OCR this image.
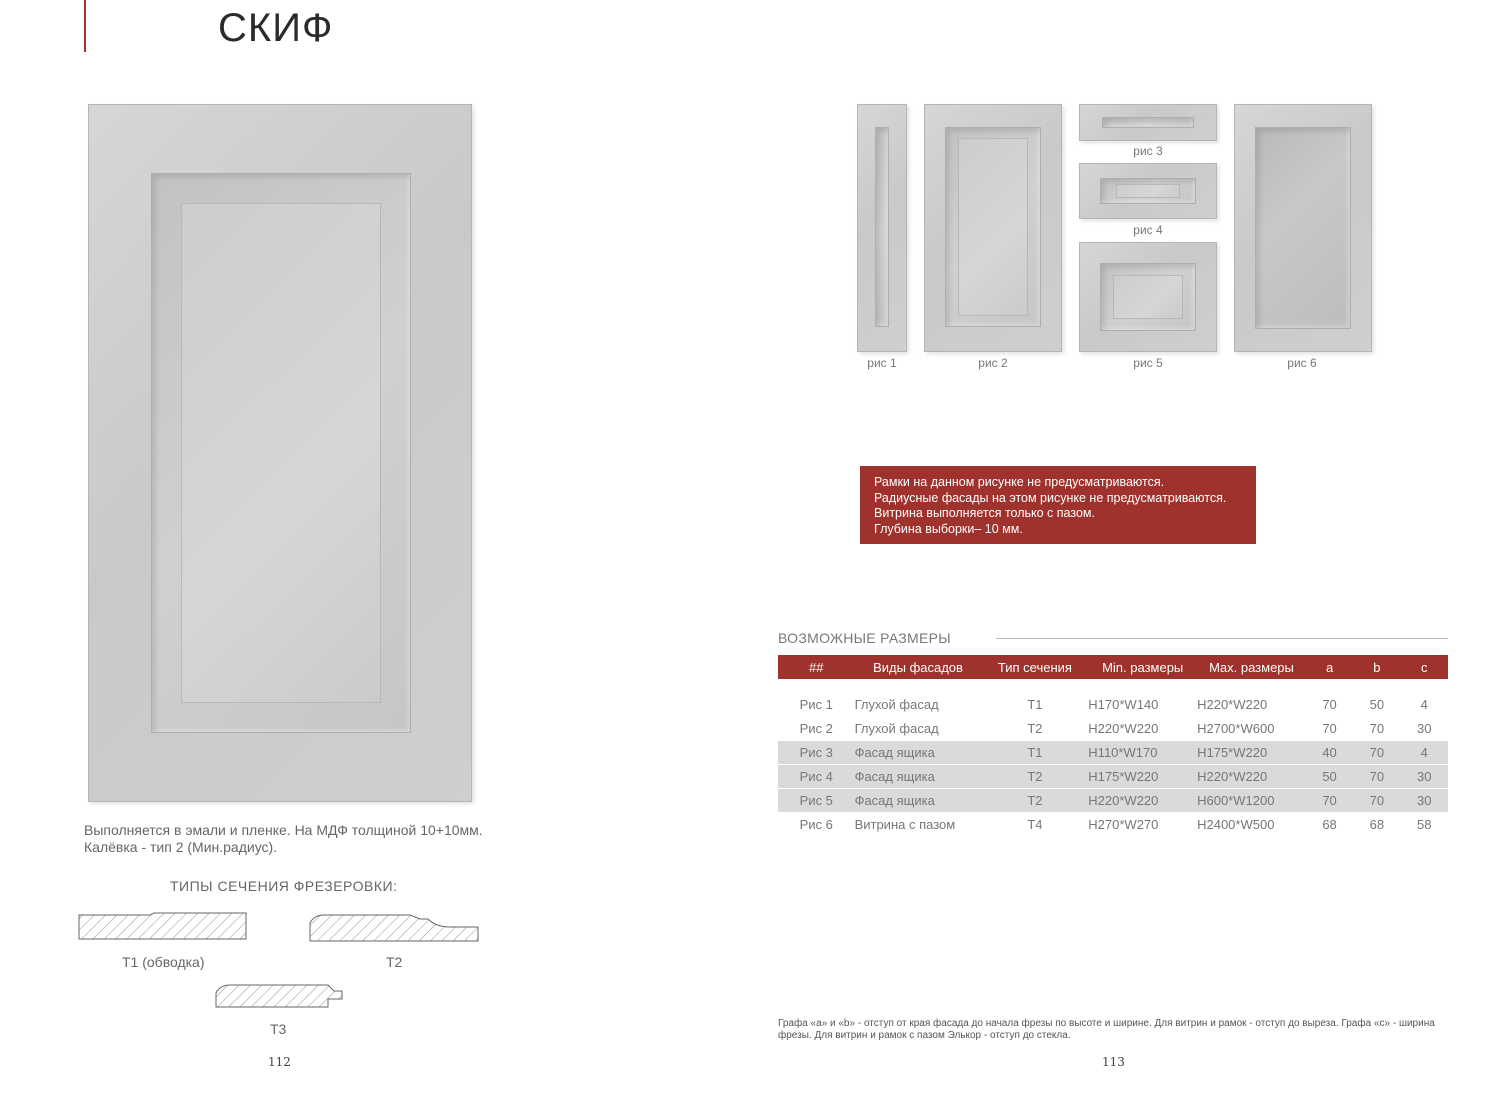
СКИФ
Выполняется в эмали и пленке. На МДФ толщиной 10+10мм. Калёвка - тип 2 (Мин.радиус).
ТИПЫ СЕЧЕНИЯ ФРЕЗЕРОВКИ:
Т1 (обводка)	Т2
Т3
112
рис 1	рис 2
рис 3
рис 4
рис 5	рис 6
Рамки на данном рисунке не предусматриваются.
Радиусные фасады на этом рисунке не предусматриваются.
Витрина выполняется только с пазом.
Глубина выборки– 10 мм.
ВОЗМОЖНЫЕ РАЗМЕРЫ
##	Виды фасадов	Тип сечения	Min. размеры	Max. размеры	a	b	c

Рис 1	Глухой фасад	T1	H170*W140	H220*W220	70	50	4
Рис 2	Глухой фасад	T2	H220*W220	H2700*W600	70	70	30
Рис 3	Фасад ящика	T1	H110*W170	H175*W220	40	70	4
Рис 4	Фасад ящика	T2	H175*W220	H220*W220	50	70	30
Рис 5	Фасад ящика	T2	H220*W220	H600*W1200	70	70	30
Рис 6	Витрина с пазом	T4	H270*W270	H2400*W500	68	68	58
Графа «a» и «b» - отступ от края фасада до начала фрезы по высоте и ширине. Для витрин и рамок - отступ до выреза. Графа «c» - ширина фрезы. Для витрин и рамок с пазом Элькор - отступ до стекла.
113
